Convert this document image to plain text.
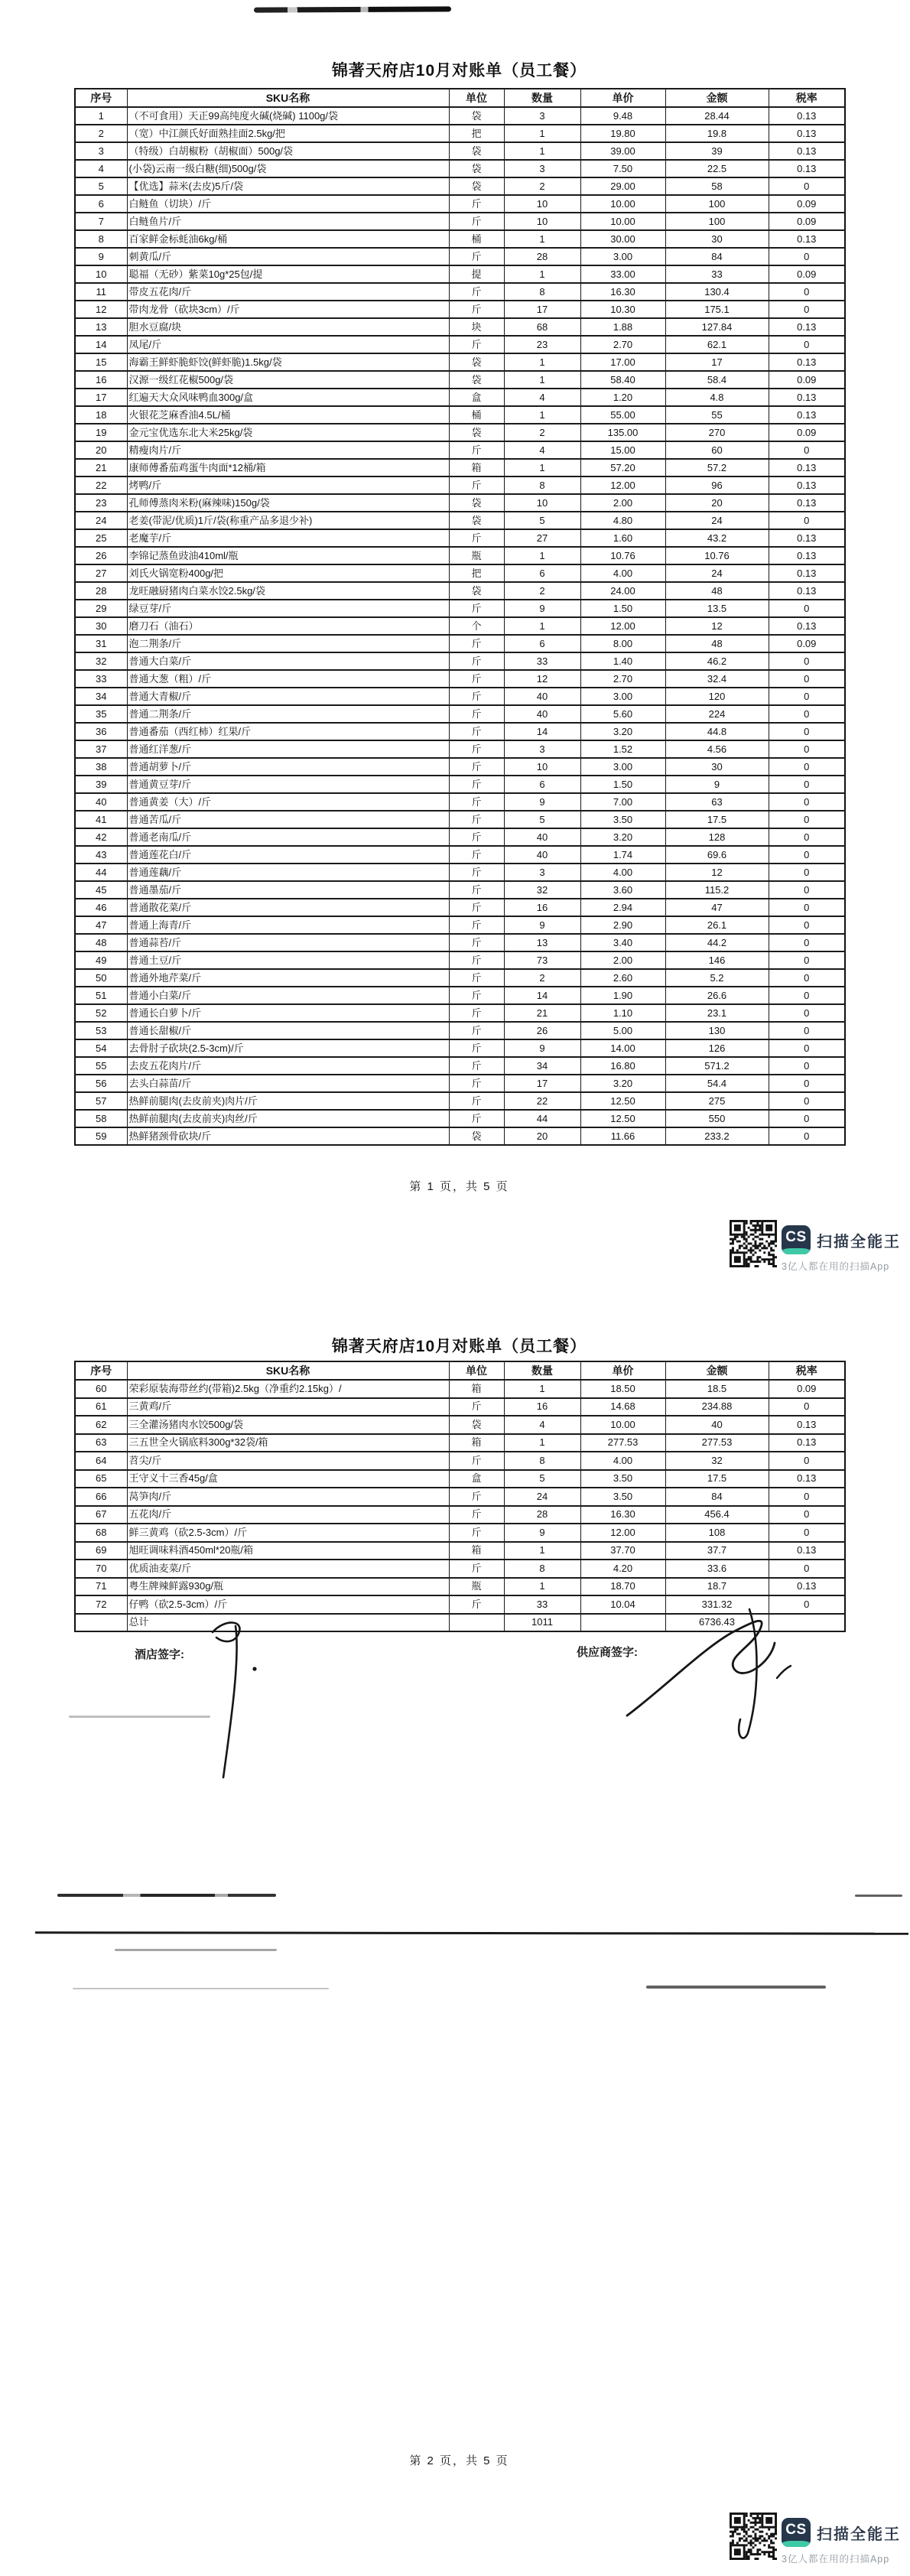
锦著天府店10月对账单（员工餐）
序号	SKU名称	单位	数量	单价	金额	税率
1	（不可食用）天正99高纯度火碱(烧碱) 1100g/袋	袋	3	9.48	28.44	0.13
2	（宽）中江颜氏好面熟挂面2.5kg/把	把	1	19.80	19.8	0.13
3	（特级）白胡椒粉（胡椒面）500g/袋	袋	1	39.00	39	0.13
4	(小袋)云南一级白糖(细)500g/袋	袋	3	7.50	22.5	0.13
5	【优选】蒜米(去皮)5斤/袋	袋	2	29.00	58	0
6	白鲢鱼（切块）/斤	斤	10	10.00	100	0.09
7	白鲢鱼片/斤	斤	10	10.00	100	0.09
8	百家鲜金标蚝油6kg/桶	桶	1	30.00	30	0.13
9	刺黄瓜/斤	斤	28	3.00	84	0
10	聪福（无砂）紫菜10g*25包/提	提	1	33.00	33	0.09
11	带皮五花肉/斤	斤	8	16.30	130.4	0
12	带肉龙骨（砍块3cm）/斤	斤	17	10.30	175.1	0
13	胆水豆腐/块	块	68	1.88	127.84	0.13
14	凤尾/斤	斤	23	2.70	62.1	0
15	海霸王鲜虾脆虾饺(鲜虾脆)1.5kg/袋	袋	1	17.00	17	0.13
16	汉源一级红花椒500g/袋	袋	1	58.40	58.4	0.09
17	红遍天大众风味鸭血300g/盒	盒	4	1.20	4.8	0.13
18	火银花芝麻香油4.5L/桶	桶	1	55.00	55	0.13
19	金元宝优选东北大米25kg/袋	袋	2	135.00	270	0.09
20	精瘦肉片/斤	斤	4	15.00	60	0
21	康师傅番茄鸡蛋牛肉面*12桶/箱	箱	1	57.20	57.2	0.13
22	烤鸭/斤	斤	8	12.00	96	0.13
23	孔师傅蒸肉米粉(麻辣味)150g/袋	袋	10	2.00	20	0.13
24	老姜(带泥/优质)1斤/袋(称重产品多退少补)	袋	5	4.80	24	0
25	老魔芋/斤	斤	27	1.60	43.2	0.13
26	李锦记蒸鱼豉油410ml/瓶	瓶	1	10.76	10.76	0.13
27	刘氏火锅宽粉400g/把	把	6	4.00	24	0.13
28	龙旺融厨猪肉白菜水饺2.5kg/袋	袋	2	24.00	48	0.13
29	绿豆芽/斤	斤	9	1.50	13.5	0
30	磨刀石（油石）	个	1	12.00	12	0.13
31	泡二荆条/斤	斤	6	8.00	48	0.09
32	普通大白菜/斤	斤	33	1.40	46.2	0
33	普通大葱（粗）/斤	斤	12	2.70	32.4	0
34	普通大青椒/斤	斤	40	3.00	120	0
35	普通二荆条/斤	斤	40	5.60	224	0
36	普通番茄（西红柿）红果/斤	斤	14	3.20	44.8	0
37	普通红洋葱/斤	斤	3	1.52	4.56	0
38	普通胡萝卜/斤	斤	10	3.00	30	0
39	普通黄豆芽/斤	斤	6	1.50	9	0
40	普通黄姜（大）/斤	斤	9	7.00	63	0
41	普通苦瓜/斤	斤	5	3.50	17.5	0
42	普通老南瓜/斤	斤	40	3.20	128	0
43	普通莲花白/斤	斤	40	1.74	69.6	0
44	普通莲藕/斤	斤	3	4.00	12	0
45	普通墨茄/斤	斤	32	3.60	115.2	0
46	普通散花菜/斤	斤	16	2.94	47	0
47	普通上海青/斤	斤	9	2.90	26.1	0
48	普通蒜苔/斤	斤	13	3.40	44.2	0
49	普通土豆/斤	斤	73	2.00	146	0
50	普通外地芹菜/斤	斤	2	2.60	5.2	0
51	普通小白菜/斤	斤	14	1.90	26.6	0
52	普通长白萝卜/斤	斤	21	1.10	23.1	0
53	普通长甜椒/斤	斤	26	5.00	130	0
54	去骨肘子砍块(2.5-3cm)/斤	斤	9	14.00	126	0
55	去皮五花肉片/斤	斤	34	16.80	571.2	0
56	去头白蒜苗/斤	斤	17	3.20	54.4	0
57	热鲜前腿肉(去皮前夹)肉片/斤	斤	22	12.50	275	0
58	热鲜前腿肉(去皮前夹)肉丝/斤	斤	44	12.50	550	0
59	热鲜猪颈骨砍块/斤	袋	20	11.66	233.2	0
第 1 页，共 5 页
CS 扫描全能王
3亿人都在用的扫描App
锦著天府店10月对账单（员工餐）
序号	SKU名称	单位	数量	单价	金额	税率
60	荣彩原装海带丝约(带箱)2.5kg（净重约2.15kg）/	箱	1	18.50	18.5	0.09
61	三黄鸡/斤	斤	16	14.68	234.88	0
62	三全灌汤猪肉水饺500g/袋	袋	4	10.00	40	0.13
63	三五世全火锅底料300g*32袋/箱	箱	1	277.53	277.53	0.13
64	苕尖/斤	斤	8	4.00	32	0
65	王守义十三香45g/盒	盒	5	3.50	17.5	0.13
66	莴笋肉/斤	斤	24	3.50	84	0
67	五花肉/斤	斤	28	16.30	456.4	0
68	鲜三黄鸡（砍2.5-3cm）/斤	斤	9	12.00	108	0
69	旭旺调味料酒450ml*20瓶/箱	箱	1	37.70	37.7	0.13
70	优质油麦菜/斤	斤	8	4.20	33.6	0
71	粤生牌辣鲜露930g/瓶	瓶	1	18.70	18.7	0.13
72	仔鸭（砍2.5-3cm）/斤	斤	33	10.04	331.32	0
	总计		1011		6736.43	
酒店签字:	供应商签字:
第 2 页，共 5 页
CS 扫描全能王
3亿人都在用的扫描App
